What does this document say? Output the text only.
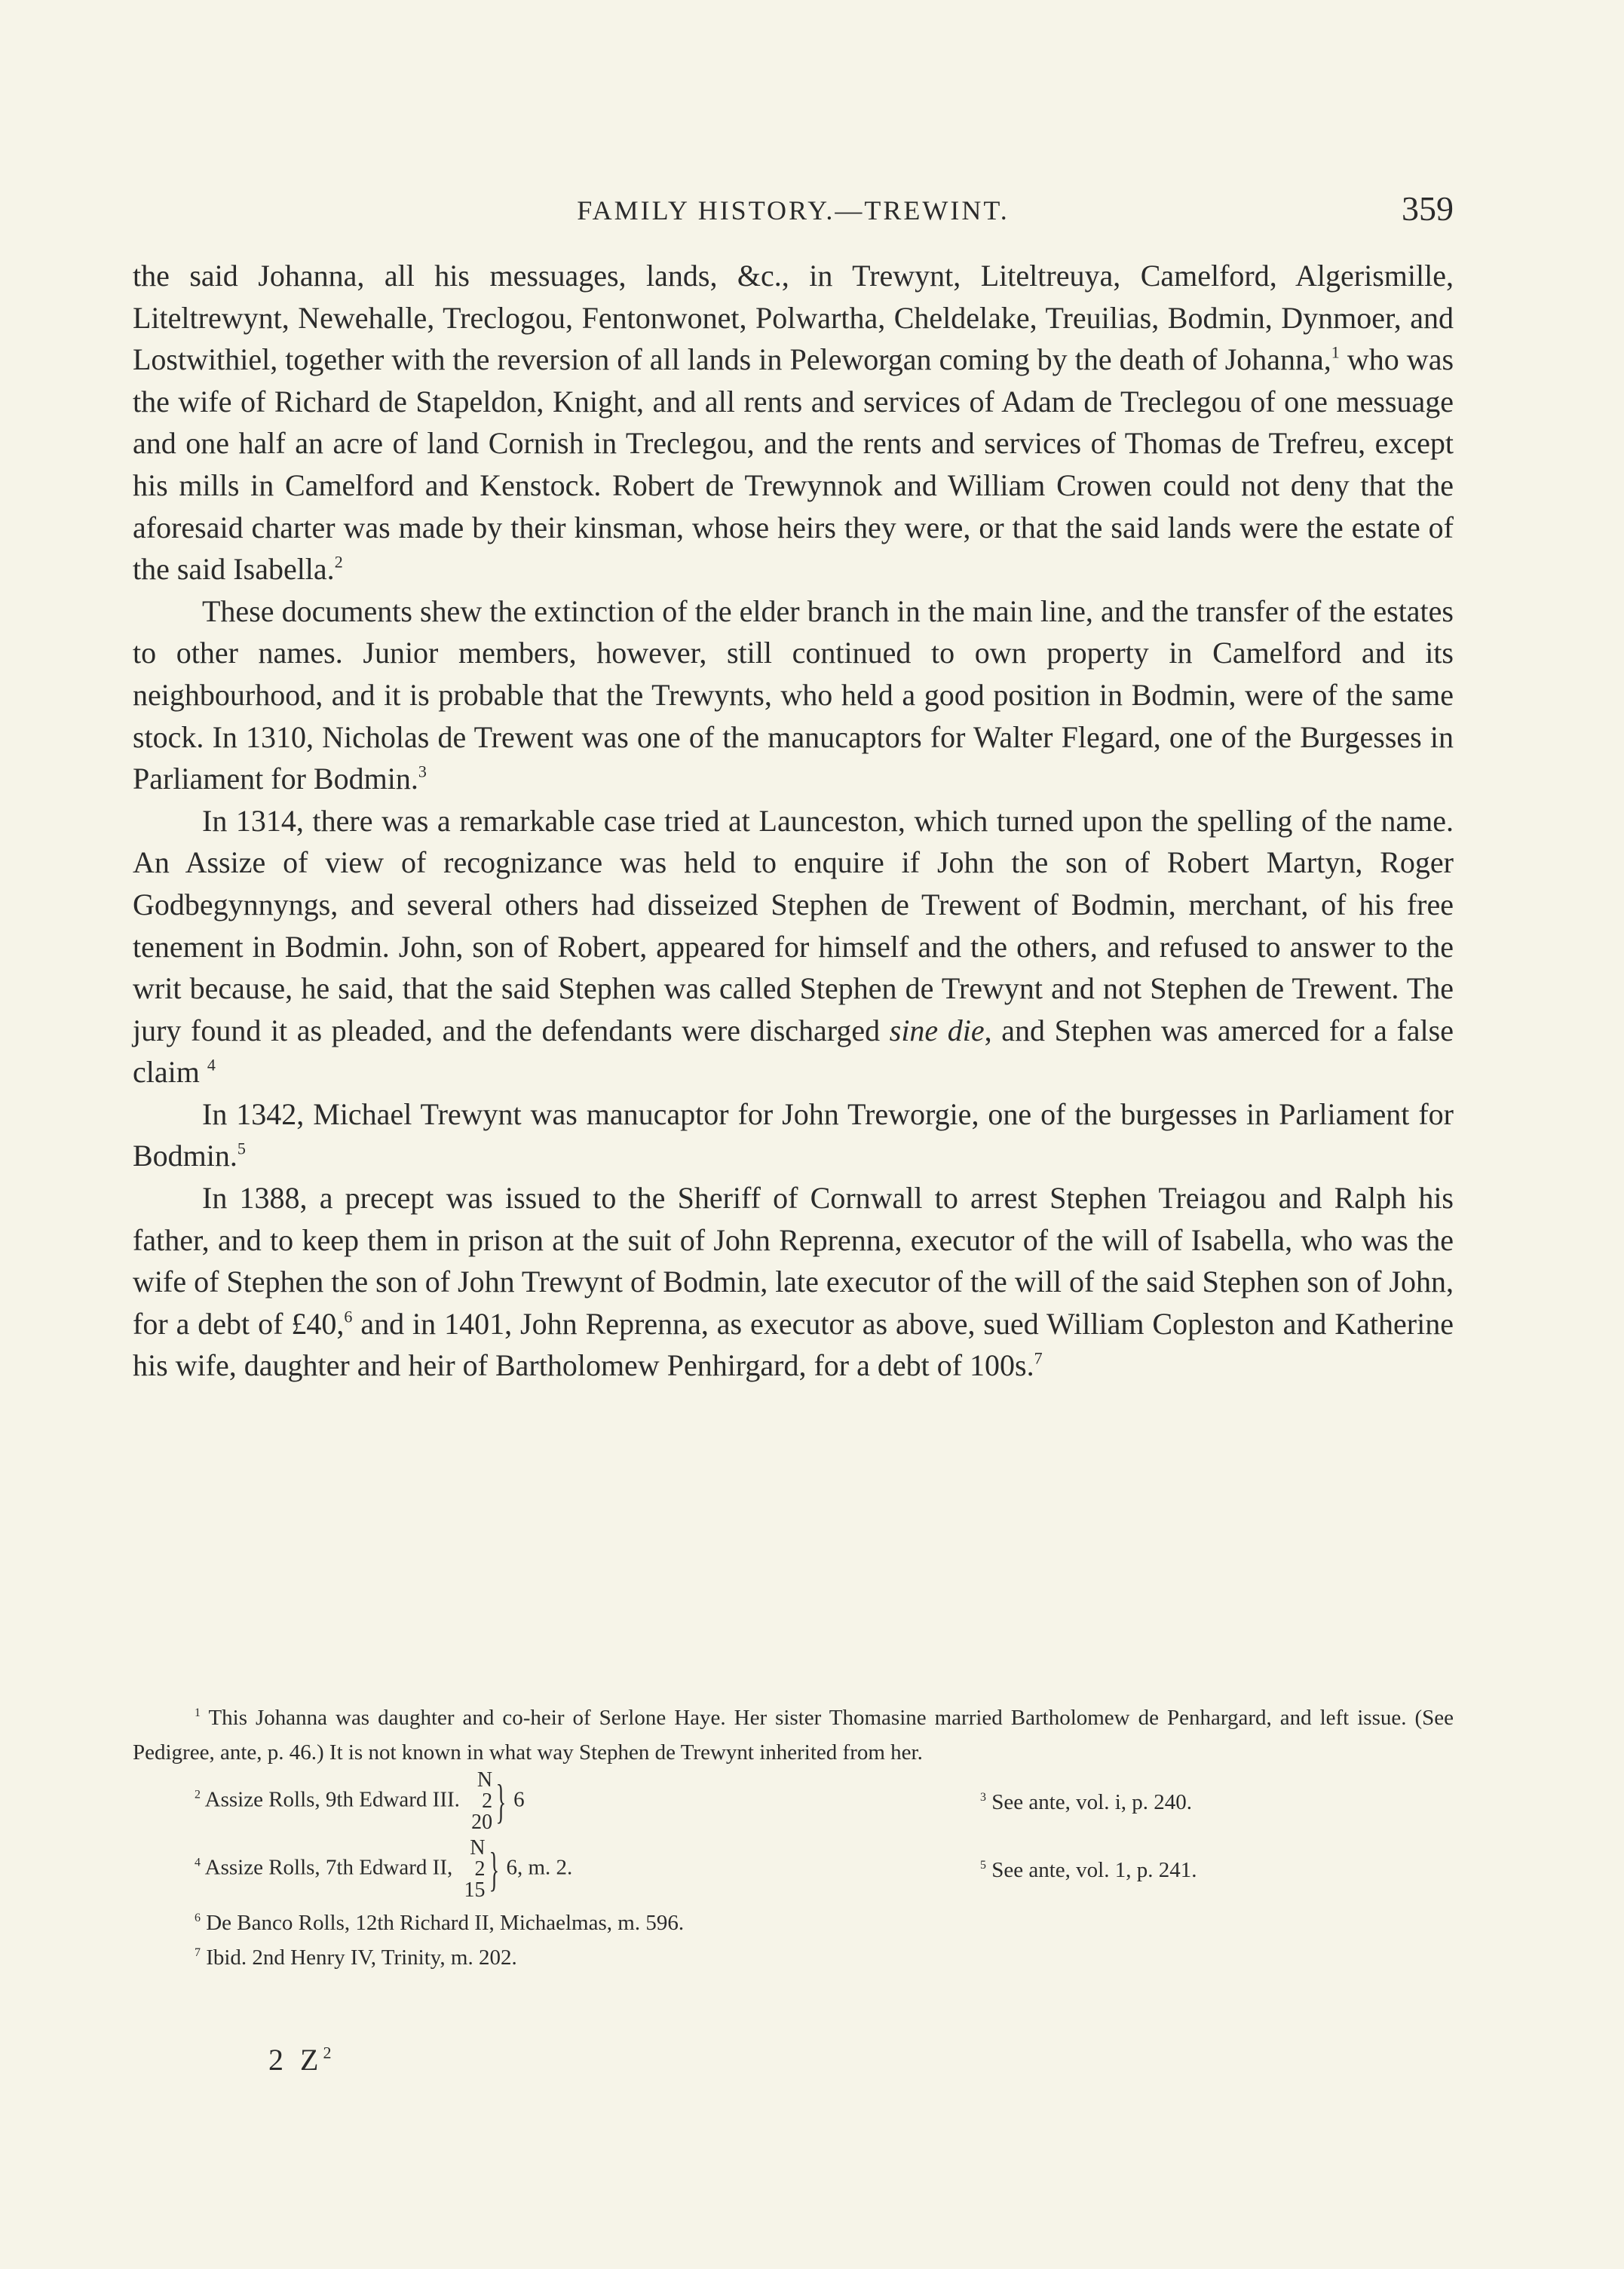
FAMILY HISTORY.—TREWINT.	359

the said Johanna, all his messuages, lands, &c., in Trewynt, Liteltreuya, Camelford, Algerismille, Liteltrewynt, Newehalle, Treclogou, Fentonwonet, Polwartha, Cheldelake, Treuilias, Bodmin, Dynmoer, and Lostwithiel, together with the reversion of all lands in Peleworgan coming by the death of Johanna,$^1$ who was the wife of Richard de Stapeldon, Knight, and all rents and services of Adam de Treclegou of one messuage and one half an acre of land Cornish in Treclegou, and the rents and services of Thomas de Trefreu, except his mills in Camelford and Kenstock. Robert de Trewynnok and William Crowen could not deny that the aforesaid charter was made by their kinsman, whose heirs they were, or that the said lands were the estate of the said Isabella.$^2$

These documents shew the extinction of the elder branch in the main line, and the transfer of the estates to other names. Junior members, however, still continued to own property in Camelford and its neighbourhood, and it is probable that the Trewynts, who held a good position in Bodmin, were of the same stock. In 1310, Nicholas de Trewent was one of the manucaptors for Walter Flegard, one of the Burgesses in Parliament for Bodmin.$^3$

In 1314, there was a remarkable case tried at Launceston, which turned upon the spelling of the name. An Assize of view of recognizance was held to enquire if John the son of Robert Martyn, Roger Godbegynnyngs, and several others had disseized Stephen de Trewent of Bodmin, merchant, of his free tenement in Bodmin. John, son of Robert, appeared for himself and the others, and refused to answer to the writ because, he said, that the said Stephen was called Stephen de Trewynt and not Stephen de Trewent. The jury found it as pleaded, and the defendants were discharged sine die, and Stephen was amerced for a false claim $^4$

In 1342, Michael Trewynt was manucaptor for John Treworgie, one of the burgesses in Parliament for Bodmin.$^5$

In 1388, a precept was issued to the Sheriff of Cornwall to arrest Stephen Treiagou and Ralph his father, and to keep them in prison at the suit of John Reprenna, executor of the will of Isabella, who was the wife of Stephen the son of John Trewynt of Bodmin, late executor of the will of the said Stephen son of John, for a debt of £40,$^6$ and in 1401, John Reprenna, as executor as above, sued William Copleston and Katherine his wife, daughter and heir of Bartholomew Penhirgard, for a debt of 100s.$^7$

$^1$ This Johanna was daughter and co-heir of Serlone Haye. Her sister Thomasine married Bartholomew de Penhargard, and left issue. (See Pedigree, ante, p. 46.) It is not known in what way Stephen de Trewynt inherited from her.
$^2$ Assize Rolls, 9th Edward III.
N
2
20 } 6	$^3$ See ante, vol. i, p. 240.
$^4$ Assize Rolls, 7th Edward II,
N
2
15 } 6, m. 2.	$^5$ See ante, vol. 1, p. 241.
$^6$ De Banco Rolls, 12th Richard II, Michaelmas, m. 596.
$^7$ Ibid. 2nd Henry IV, Trinity, m. 202.
2 $Z^2$
